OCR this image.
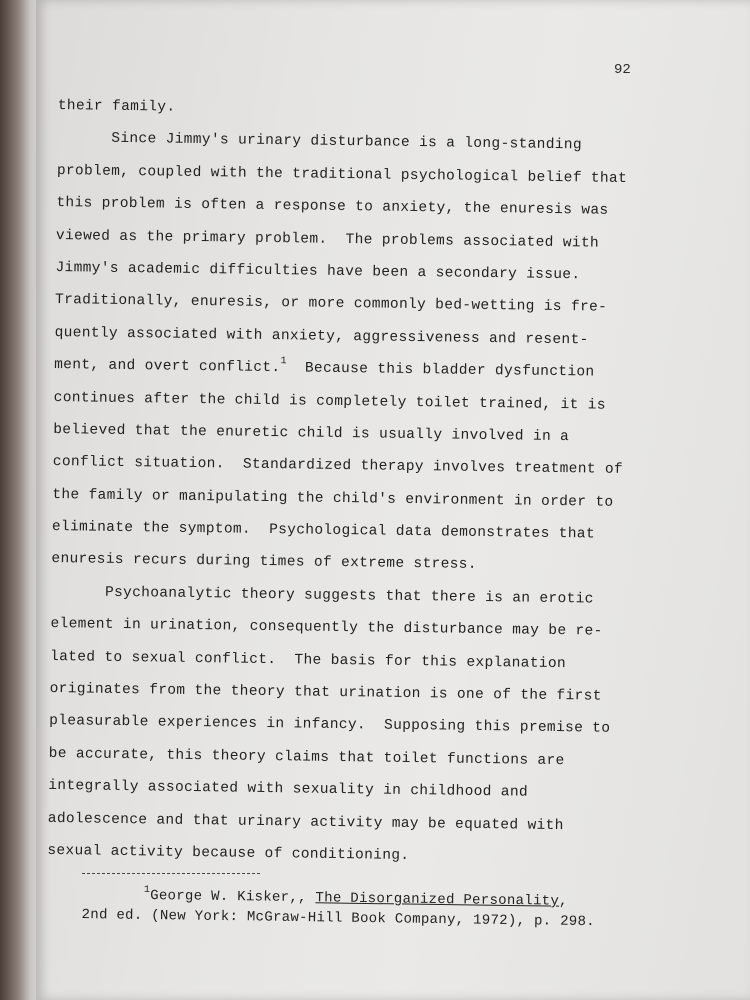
92
their family.
Since Jimmy's urinary disturbance is a long-standing
problem, coupled with the traditional psychological belief that
this problem is often a response to anxiety, the enuresis was
viewed as the primary problem.  The problems associated with
Jimmy's academic difficulties have been a secondary issue.
Traditionally, enuresis, or more commonly bed-wetting is fre-
quently associated with anxiety, aggressiveness and resent-
ment, and overt conflict.$^1$  Because this bladder dysfunction
continues after the child is completely toilet trained, it is
believed that the enuretic child is usually involved in a
conflict situation.  Standardized therapy involves treatment of
the family or manipulating the child's environment in order to
eliminate the symptom.  Psychological data demonstrates that
enuresis recurs during times of extreme stress.
Psychoanalytic theory suggests that there is an erotic
element in urination, consequently the disturbance may be re-
lated to sexual conflict.  The basis for this explanation
originates from the theory that urination is one of the first
pleasurable experiences in infancy.  Supposing this premise to
be accurate, this theory claims that toilet functions are
integrally associated with sexuality in childhood and
adolescence and that urinary activity may be equated with
sexual activity because of conditioning.
$^1$George W. Kisker,, The Disorganized Personality,
2nd ed. (New York: McGraw-Hill Book Company, 1972), p. 298.
